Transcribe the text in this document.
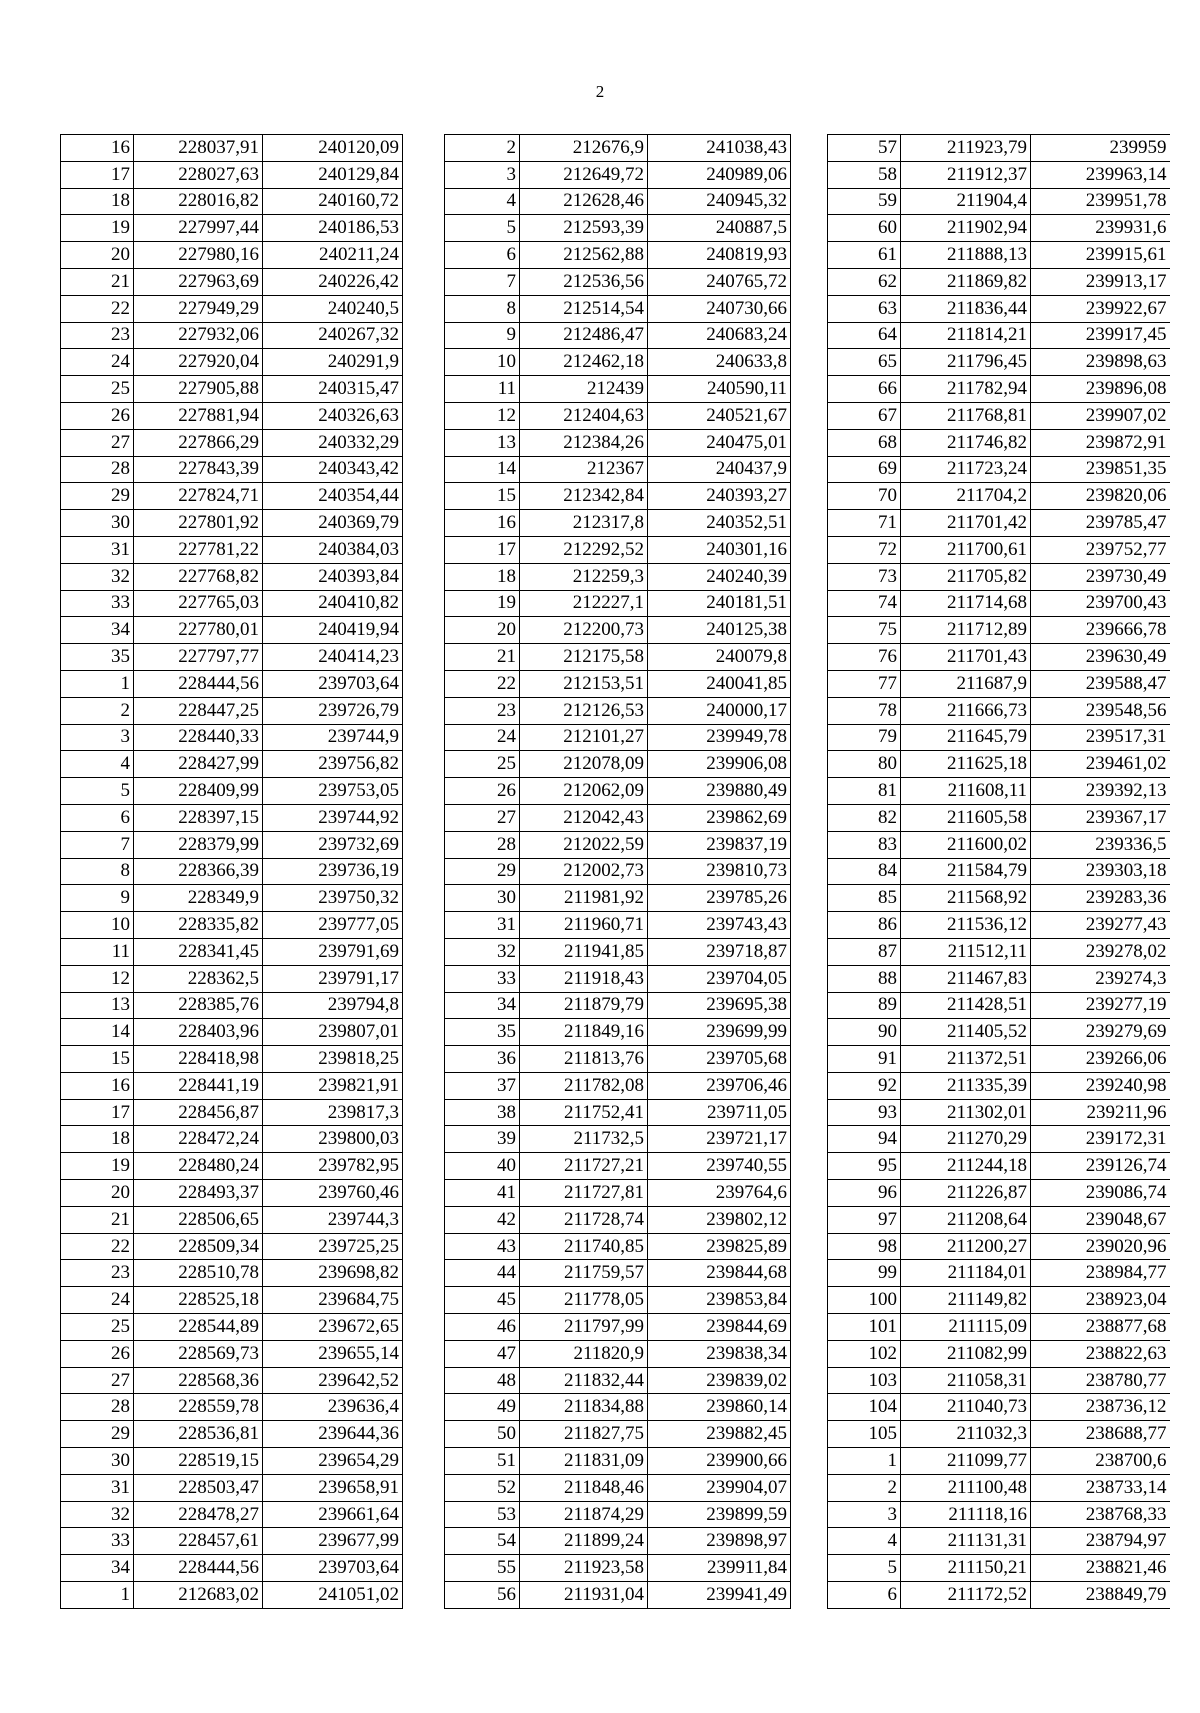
2
16	228037,91	240120,09
17	228027,63	240129,84
18	228016,82	240160,72
19	227997,44	240186,53
20	227980,16	240211,24
21	227963,69	240226,42
22	227949,29	240240,5
23	227932,06	240267,32
24	227920,04	240291,9
25	227905,88	240315,47
26	227881,94	240326,63
27	227866,29	240332,29
28	227843,39	240343,42
29	227824,71	240354,44
30	227801,92	240369,79
31	227781,22	240384,03
32	227768,82	240393,84
33	227765,03	240410,82
34	227780,01	240419,94
35	227797,77	240414,23
1	228444,56	239703,64
2	228447,25	239726,79
3	228440,33	239744,9
4	228427,99	239756,82
5	228409,99	239753,05
6	228397,15	239744,92
7	228379,99	239732,69
8	228366,39	239736,19
9	228349,9	239750,32
10	228335,82	239777,05
11	228341,45	239791,69
12	228362,5	239791,17
13	228385,76	239794,8
14	228403,96	239807,01
15	228418,98	239818,25
16	228441,19	239821,91
17	228456,87	239817,3
18	228472,24	239800,03
19	228480,24	239782,95
20	228493,37	239760,46
21	228506,65	239744,3
22	228509,34	239725,25
23	228510,78	239698,82
24	228525,18	239684,75
25	228544,89	239672,65
26	228569,73	239655,14
27	228568,36	239642,52
28	228559,78	239636,4
29	228536,81	239644,36
30	228519,15	239654,29
31	228503,47	239658,91
32	228478,27	239661,64
33	228457,61	239677,99
34	228444,56	239703,64
1	212683,02	241051,02
2	212676,9	241038,43
3	212649,72	240989,06
4	212628,46	240945,32
5	212593,39	240887,5
6	212562,88	240819,93
7	212536,56	240765,72
8	212514,54	240730,66
9	212486,47	240683,24
10	212462,18	240633,8
11	212439	240590,11
12	212404,63	240521,67
13	212384,26	240475,01
14	212367	240437,9
15	212342,84	240393,27
16	212317,8	240352,51
17	212292,52	240301,16
18	212259,3	240240,39
19	212227,1	240181,51
20	212200,73	240125,38
21	212175,58	240079,8
22	212153,51	240041,85
23	212126,53	240000,17
24	212101,27	239949,78
25	212078,09	239906,08
26	212062,09	239880,49
27	212042,43	239862,69
28	212022,59	239837,19
29	212002,73	239810,73
30	211981,92	239785,26
31	211960,71	239743,43
32	211941,85	239718,87
33	211918,43	239704,05
34	211879,79	239695,38
35	211849,16	239699,99
36	211813,76	239705,68
37	211782,08	239706,46
38	211752,41	239711,05
39	211732,5	239721,17
40	211727,21	239740,55
41	211727,81	239764,6
42	211728,74	239802,12
43	211740,85	239825,89
44	211759,57	239844,68
45	211778,05	239853,84
46	211797,99	239844,69
47	211820,9	239838,34
48	211832,44	239839,02
49	211834,88	239860,14
50	211827,75	239882,45
51	211831,09	239900,66
52	211848,46	239904,07
53	211874,29	239899,59
54	211899,24	239898,97
55	211923,58	239911,84
56	211931,04	239941,49
57	211923,79	239959
58	211912,37	239963,14
59	211904,4	239951,78
60	211902,94	239931,6
61	211888,13	239915,61
62	211869,82	239913,17
63	211836,44	239922,67
64	211814,21	239917,45
65	211796,45	239898,63
66	211782,94	239896,08
67	211768,81	239907,02
68	211746,82	239872,91
69	211723,24	239851,35
70	211704,2	239820,06
71	211701,42	239785,47
72	211700,61	239752,77
73	211705,82	239730,49
74	211714,68	239700,43
75	211712,89	239666,78
76	211701,43	239630,49
77	211687,9	239588,47
78	211666,73	239548,56
79	211645,79	239517,31
80	211625,18	239461,02
81	211608,11	239392,13
82	211605,58	239367,17
83	211600,02	239336,5
84	211584,79	239303,18
85	211568,92	239283,36
86	211536,12	239277,43
87	211512,11	239278,02
88	211467,83	239274,3
89	211428,51	239277,19
90	211405,52	239279,69
91	211372,51	239266,06
92	211335,39	239240,98
93	211302,01	239211,96
94	211270,29	239172,31
95	211244,18	239126,74
96	211226,87	239086,74
97	211208,64	239048,67
98	211200,27	239020,96
99	211184,01	238984,77
100	211149,82	238923,04
101	211115,09	238877,68
102	211082,99	238822,63
103	211058,31	238780,77
104	211040,73	238736,12
105	211032,3	238688,77
1	211099,77	238700,6
2	211100,48	238733,14
3	211118,16	238768,33
4	211131,31	238794,97
5	211150,21	238821,46
6	211172,52	238849,79
